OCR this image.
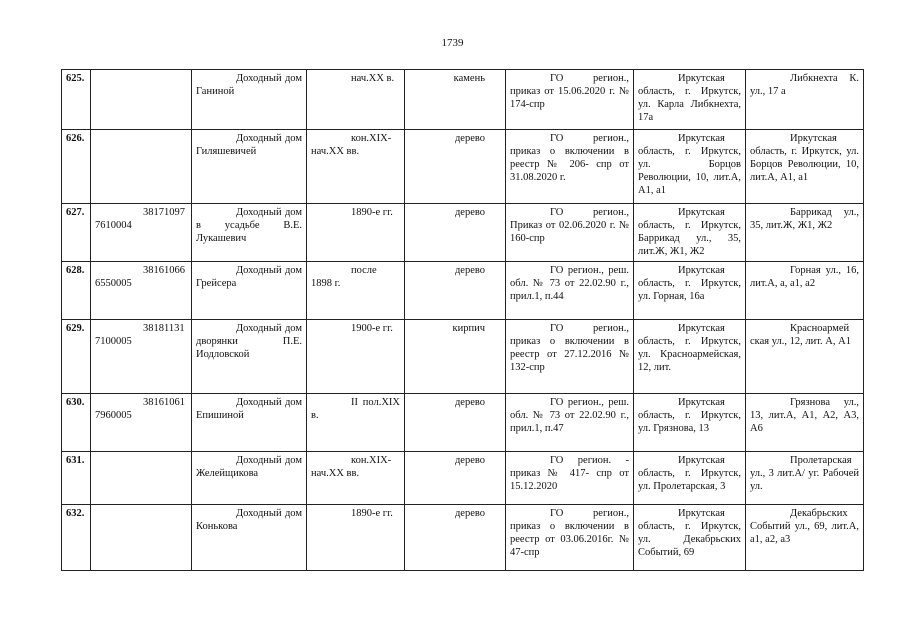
1739
625.		Доходный дом Ганиной	нач.XX в.	камень	ГО регион., приказ от 15.06.2020 г. № 174-спр	Иркутская область, г. Иркутск, ул. Карла Либкнехта, 17а	Либкнехта К. ул., 17 а
626.		Доходный дом Гиляшевичей	кон.XIX-нач.XX вв.	дерево	ГО регион., приказ о включении в реестр № 206- спр от 31.08.2020 г.	Иркутская область, г. Иркутск, ул. Борцов Революции, 10, лит.А, А1, а1	Иркутская область, г. Иркутск, ул. Борцов Революции, 10, лит.А, А1, а1
627.	38171097 7610004	Доходный дом в усадьбе В.Е. Лукашевич	1890-е гг.	дерево	ГО регион., Приказ от 02.06.2020 г. № 160-спр	Иркутская область, г. Иркутск, Баррикад ул., 35, лит.Ж, Ж1, Ж2	Баррикад ул., 35, лит.Ж, Ж1, Ж2
628.	38161066 6550005	Доходный дом Грейсера	после 1898 г.	дерево	ГО регион., реш. обл. № 73 от 22.02.90 г., прил.1, п.44	Иркутская область, г. Иркутск, ул. Горная, 16а	Горная ул., 16, лит.А, а, а1, а2
629.	38181131 7100005	Доходный дом дворянки П.Е. Иодловской	1900-е гг.	кирпич	ГО регион., приказ о включении в реестр от 27.12.2016 № 132-спр	Иркутская область, г. Иркутск, ул. Красноармейская, 12, лит.	Красноармей ская ул., 12, лит. А, А1
630.	38161061 7960005	Доходный дом Епишиной	II пол.XIX в.	дерево	ГО регион., реш. обл. № 73 от 22.02.90 г., прил.1, п.47	Иркутская область, г. Иркутск, ул. Грязнова, 13	Грязнова ул., 13, лит.А, А1, А2, А3, А6
631.		Доходный дом Желейщикова	кон.XIX-нач.XX вв.	дерево	ГО регион. - приказ № 417- спр от 15.12.2020	Иркутская область, г. Иркутск, ул. Пролетарская, 3	Пролетарская ул., 3 лит.А/ уг. Рабочей ул.
632.		Доходный дом Конькова	1890-е гг.	дерево	ГО регион., приказ о включении в реестр от 03.06.2016г. № 47-спр	Иркутская область, г. Иркутск, ул. Декабрьских Событий, 69	Декабрьских Событий ул., 69, лит.А, а1, а2, а3
